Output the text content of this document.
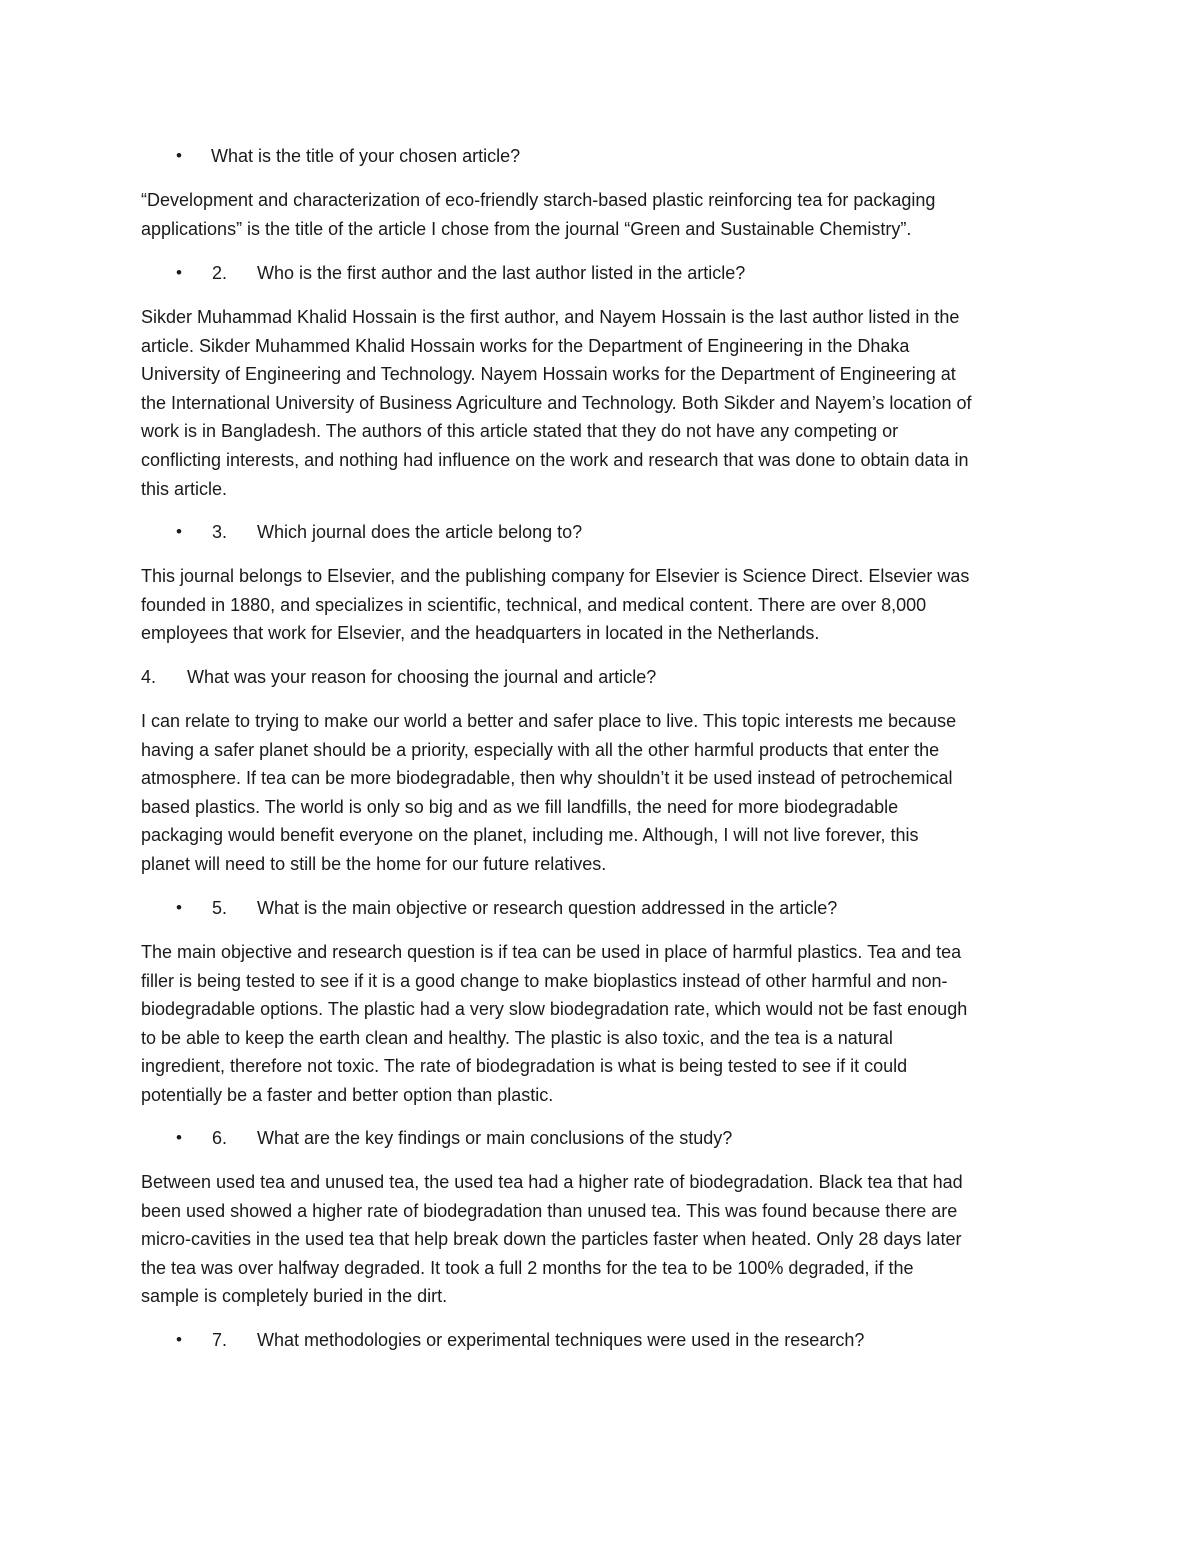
• What is the title of your chosen article?
“Development and characterization of eco-friendly starch-based plastic reinforcing tea for packaging
applications” is the title of the article I chose from the journal “Green and Sustainable Chemistry”.
• 2. Who is the first author and the last author listed in the article?
Sikder Muhammad Khalid Hossain is the first author, and Nayem Hossain is the last author listed in the
article. Sikder Muhammed Khalid Hossain works for the Department of Engineering in the Dhaka
University of Engineering and Technology. Nayem Hossain works for the Department of Engineering at
the International University of Business Agriculture and Technology. Both Sikder and Nayem’s location of
work is in Bangladesh. The authors of this article stated that they do not have any competing or
conflicting interests, and nothing had influence on the work and research that was done to obtain data in
this article.
• 3. Which journal does the article belong to?
This journal belongs to Elsevier, and the publishing company for Elsevier is Science Direct. Elsevier was
founded in 1880, and specializes in scientific, technical, and medical content. There are over 8,000
employees that work for Elsevier, and the headquarters in located in the Netherlands.
4. What was your reason for choosing the journal and article?
I can relate to trying to make our world a better and safer place to live. This topic interests me because
having a safer planet should be a priority, especially with all the other harmful products that enter the
atmosphere. If tea can be more biodegradable, then why shouldn’t it be used instead of petrochemical
based plastics. The world is only so big and as we fill landfills, the need for more biodegradable
packaging would benefit everyone on the planet, including me. Although, I will not live forever, this
planet will need to still be the home for our future relatives.
• 5. What is the main objective or research question addressed in the article?
The main objective and research question is if tea can be used in place of harmful plastics. Tea and tea
filler is being tested to see if it is a good change to make bioplastics instead of other harmful and non-
biodegradable options. The plastic had a very slow biodegradation rate, which would not be fast enough
to be able to keep the earth clean and healthy. The plastic is also toxic, and the tea is a natural
ingredient, therefore not toxic. The rate of biodegradation is what is being tested to see if it could
potentially be a faster and better option than plastic.
• 6. What are the key findings or main conclusions of the study?
Between used tea and unused tea, the used tea had a higher rate of biodegradation. Black tea that had
been used showed a higher rate of biodegradation than unused tea. This was found because there are
micro-cavities in the used tea that help break down the particles faster when heated. Only 28 days later
the tea was over halfway degraded. It took a full 2 months for the tea to be 100% degraded, if the
sample is completely buried in the dirt.
• 7. What methodologies or experimental techniques were used in the research?
